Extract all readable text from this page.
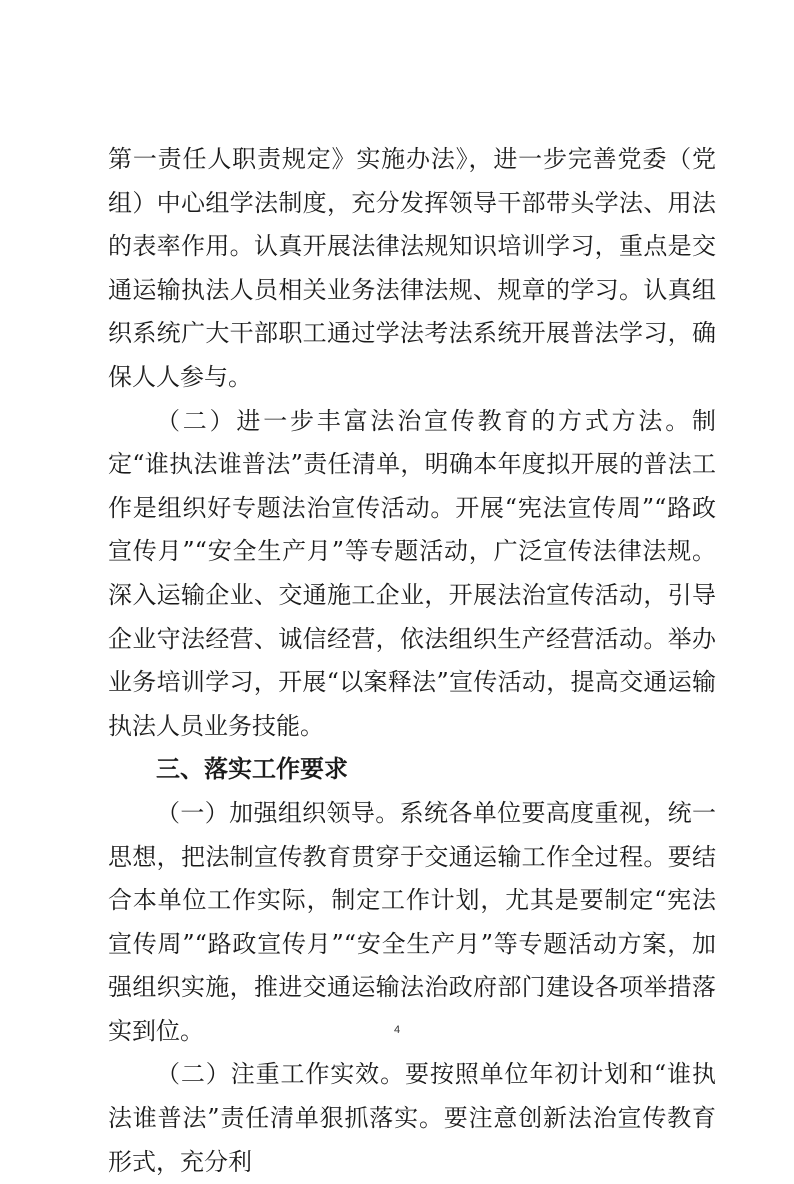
第一责任人职责规定》实施办法》，进一步完善党委（党组）中心组学法制度，充分发挥领导干部带头学法、用法的表率作用。认真开展法律法规知识培训学习，重点是交通运输执法人员相关业务法律法规、规章的学习。认真组织系统广大干部职工通过学法考法系统开展普法学习，确保人人参与。

（二）进一步丰富法治宣传教育的方式方法。制定“谁执法谁普法”责任清单，明确本年度拟开展的普法工作是组织好专题法治宣传活动。开展“宪法宣传周”“路政宣传月”“安全生产月”等专题活动，广泛宣传法律法规。深入运输企业、交通施工企业，开展法治宣传活动，引导企业守法经营、诚信经营，依法组织生产经营活动。举办业务培训学习，开展“以案释法”宣传活动，提高交通运输执法人员业务技能。

三、落实工作要求

（一）加强组织领导。系统各单位要高度重视，统一思想，把法制宣传教育贯穿于交通运输工作全过程。要结合本单位工作实际，制定工作计划，尤其是要制定“宪法宣传周”“路政宣传月”“安全生产月”等专题活动方案，加强组织实施，推进交通运输法治政府部门建设各项举措落实到位。

（二）注重工作实效。要按照单位年初计划和“谁执法谁普法”责任清单狠抓落实。要注意创新法治宣传教育形式，充分利

4
